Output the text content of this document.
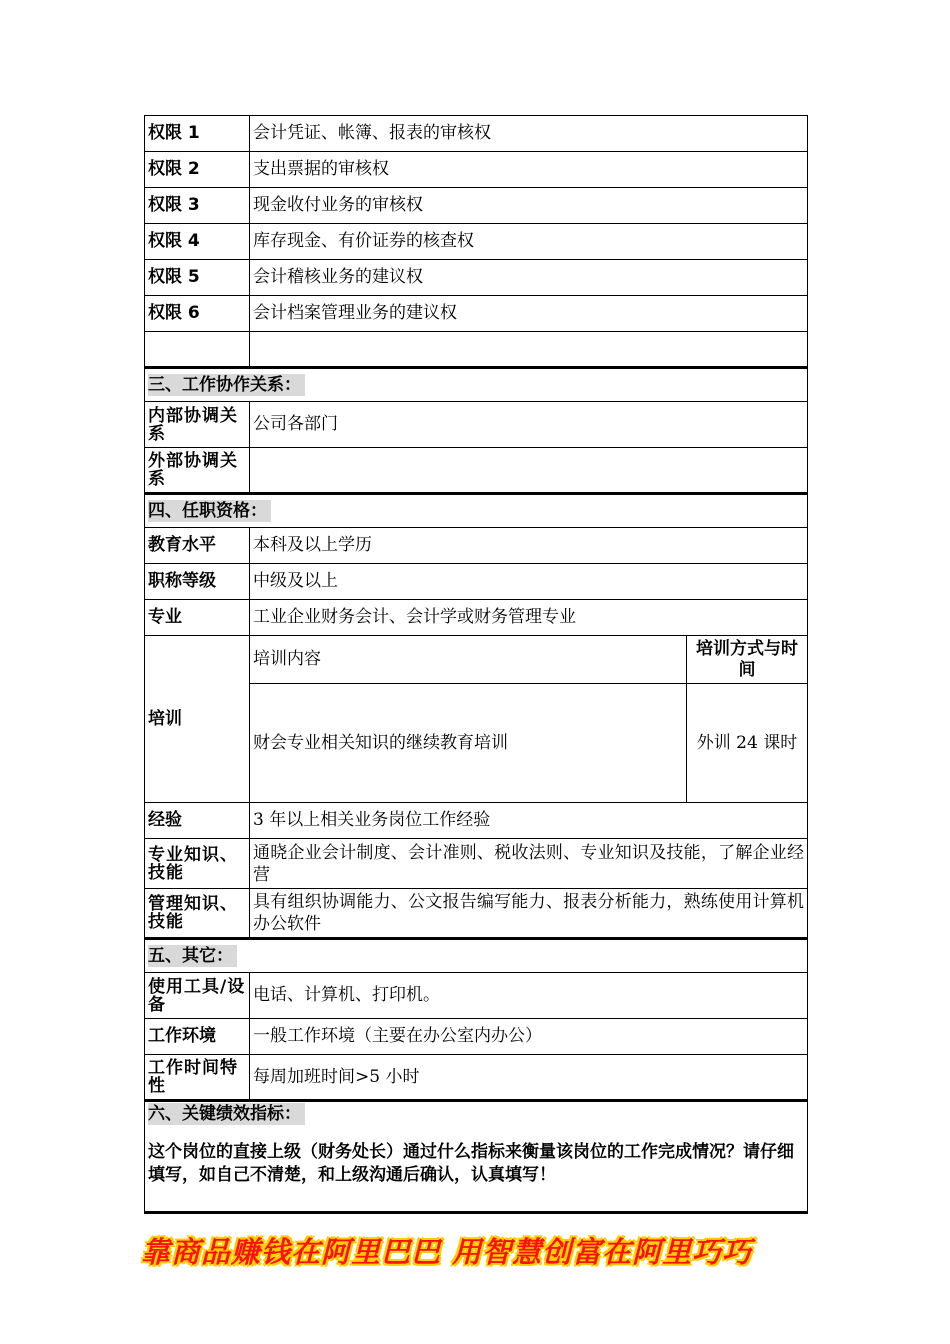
权限 1	会计凭证、帐簿、报表的审核权	
权限 2	支出票据的审核权	
权限 3	现金收付业务的审核权	
权限 4	库存现金、有价证券的核查权	
权限 5	会计稽核业务的建议权	
权限 6	会计档案管理业务的建议权	

三、工作协作关系：		
内部协调关系	公司各部门	
外部协调关系		
四、任职资格：		
教育水平	本科及以上学历	
职称等级	中级及以上	
专业	工业企业财务会计、会计学或财务管理专业	
培训	培训内容	培训方式与时间
	财会专业相关知识的继续教育培训	外训 24 课时
经验	3 年以上相关业务岗位工作经验	
专业知识、技能	通晓企业会计制度、会计准则、税收法则、专业知识及技能，了解企业经营	
管理知识、技能	具有组织协调能力、公文报告编写能力、报表分析能力，熟练使用计算机办公软件	
五、其它：		
使用工具/设备	电话、计算机、打印机。	
工作环境	一般工作环境（主要在办公室内办公）	
工作时间特性	每周加班时间>5 小时	

六、关键绩效指标：
这个岗位的直接上级（财务处长）通过什么指标来衡量该岗位的工作完成情况？请仔细填写，如自己不清楚，和上级沟通后确认，认真填写！		
靠商品赚钱在阿里巴巴 用智慧创富在阿里巧巧
